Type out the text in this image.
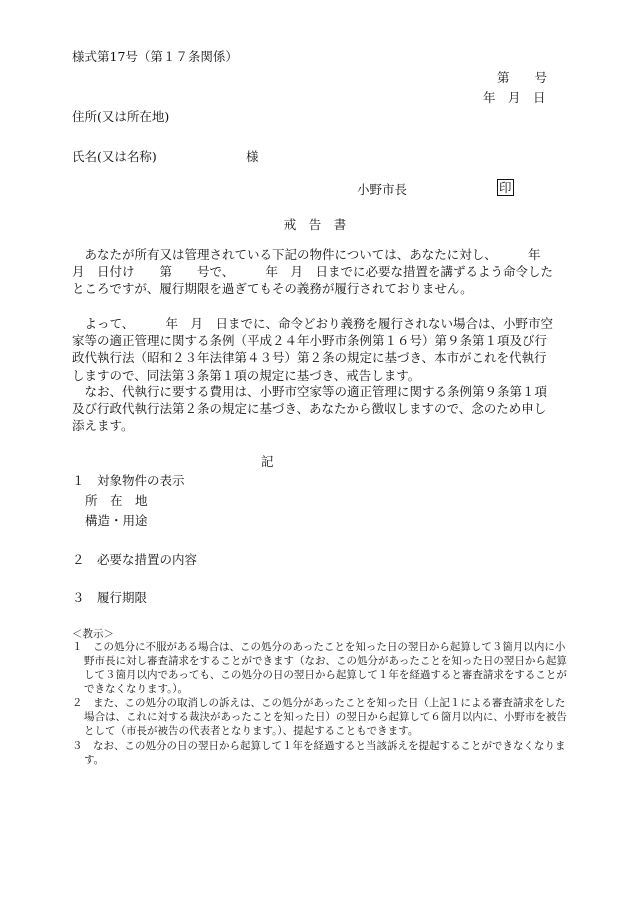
様式第17号（第１７条関係）
第　　号
年　月　日
住所(又は所在地)
氏名(又は名称)	様
小野市長	印
戒　告　書

　あなたが所有又は管理されている下記の物件については、あなたに対し、　　　年　月　日付け　　第　　号で、　　　年　月　日までに必要な措置を講ずるよう命令したところですが、履行期限を過ぎてもその義務が履行されておりません。

　よって、　　　年　月　日までに、命令どおり義務を履行されない場合は、小野市空家等の適正管理に関する条例（平成２４年小野市条例第１６号）第９条第１項及び行政代執行法（昭和２３年法律第４３号）第２条の規定に基づき、本市がこれを代執行しますので、同法第３条第１項の規定に基づき、戒告します。

　なお、代執行に要する費用は、小野市空家等の適正管理に関する条例第９条第１項及び行政代執行法第２条の規定に基づき、あなたから徴収しますので、念のため申し添えます。

記
１　対象物件の表示
所　在　地
構造・用途
２　必要な措置の内容
３　履行期限
＜教示＞

１　この処分に不服がある場合は、この処分のあったことを知った日の翌日から起算して３箇月以内に小野市長に対し審査請求をすることができます（なお、この処分があったことを知った日の翌日から起算して３箇月以内であっても、この処分の日の翌日から起算して１年を経過すると審査請求をすることができなくなります。）。

２　また、この処分の取消しの訴えは、この処分があったことを知った日（上記１による審査請求をした場合は、これに対する裁決があったことを知った日）の翌日から起算して６箇月以内に、小野市を被告として（市長が被告の代表者となります。）、提起することもできます。

３　なお、この処分の日の翌日から起算して１年を経過すると当該訴えを提起することができなくなります。
